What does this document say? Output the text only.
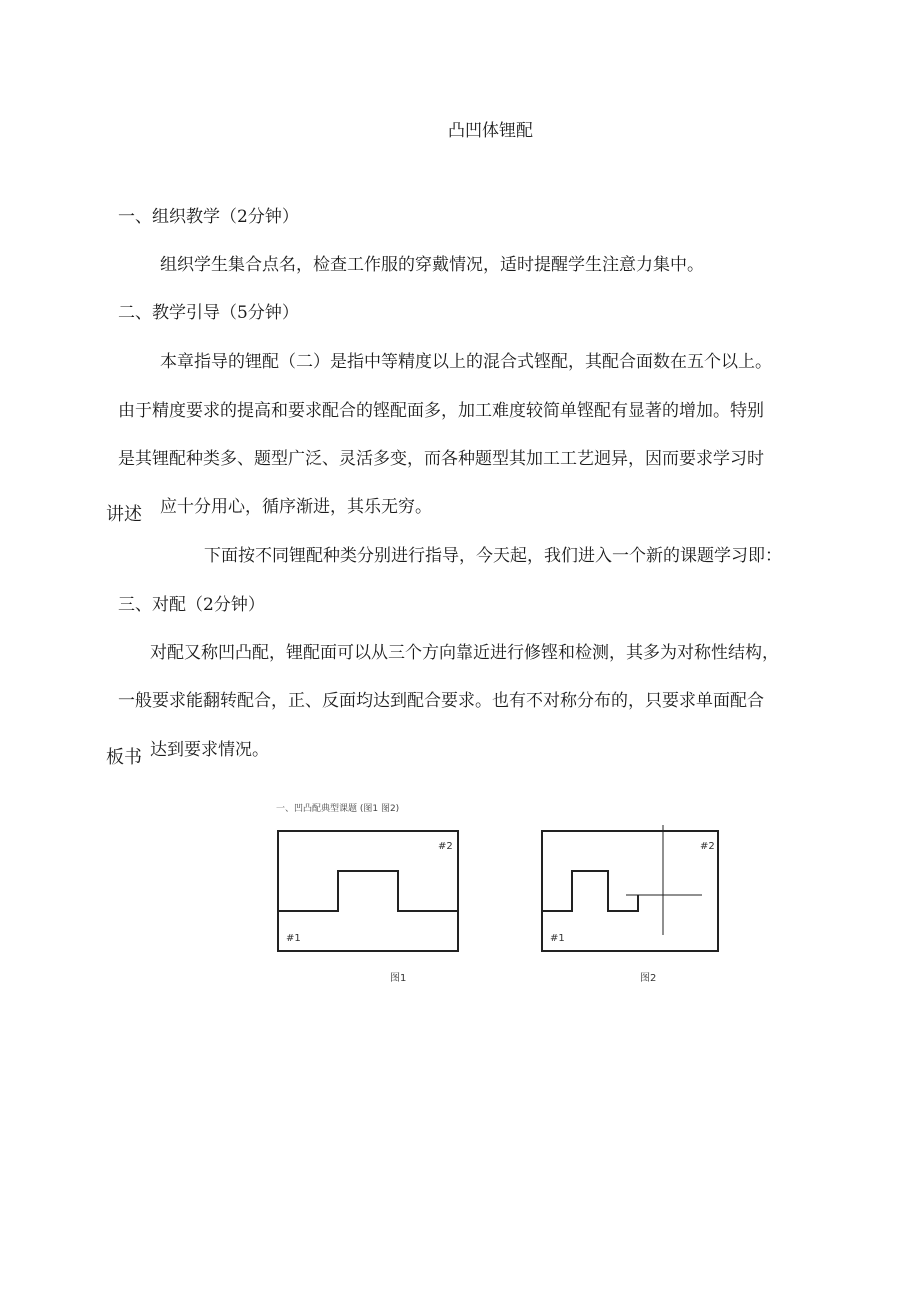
凸凹体锂配

一、组织教学（2分钟）

组织学生集合点名，检查工作服的穿戴情况，适时提醒学生注意力集中。

二、教学引导（5分钟）

本章指导的锂配（二）是指中等精度以上的混合式铿配，其配合面数在五个以上。

由于精度要求的提高和要求配合的铿配面多，加工难度较简单铿配有显著的增加。特别

是其锂配种类多、题型广泛、灵活多变，而各种题型其加工工艺迥异，因而要求学习时

讲述 应十分用心，循序渐进，其乐无穷。

下面按不同锂配种类分别进行指导，今天起，我们进入一个新的课题学习即：

三、对配（2分钟）

对配又称凹凸配，锂配面可以从三个方向靠近进行修铿和检测，其多为对称性结构，

一般要求能翻转配合，正、反面均达到配合要求。也有不对称分布的，只要求单面配合

板书 达到要求情况。

一、凹凸配典型课题 (图1 图2)
#2
#1
图1
#2
#1
图2
